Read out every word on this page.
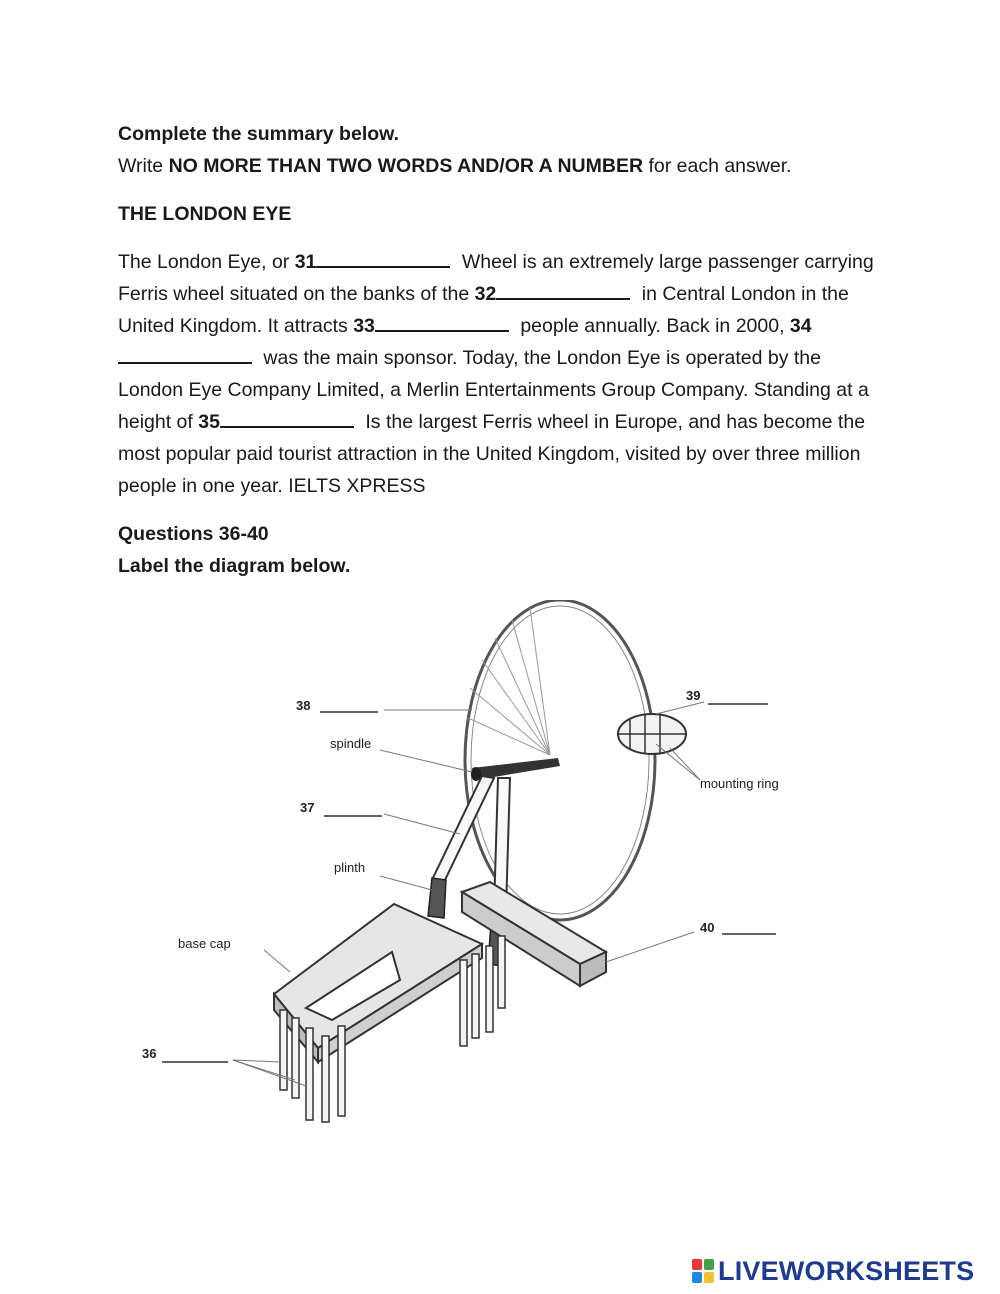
Complete the summary below.

Write NO MORE THAN TWO WORDS AND/OR A NUMBER for each answer.

THE LONDON EYE

The London Eye, or 31	Wheel is an extremely large passenger carrying Ferris wheel situated on the banks of the 32	in Central London in the United Kingdom. It attracts 33	people annually. Back in 2000, 34 was the main sponsor. Today, the London Eye is operated by the London Eye Company Limited, a Merlin Entertainments Group Company. Standing at a height of 35	Is the largest Ferris wheel in Europe, and has become the most popular paid tourist attraction in the United Kingdom, visited by over three million people in one year. IELTS XPRESS

Questions 36-40

Label the diagram below.

38
spindle
37
plinth
base cap
36
39
mounting ring
40
LIVEWORKSHEETS
